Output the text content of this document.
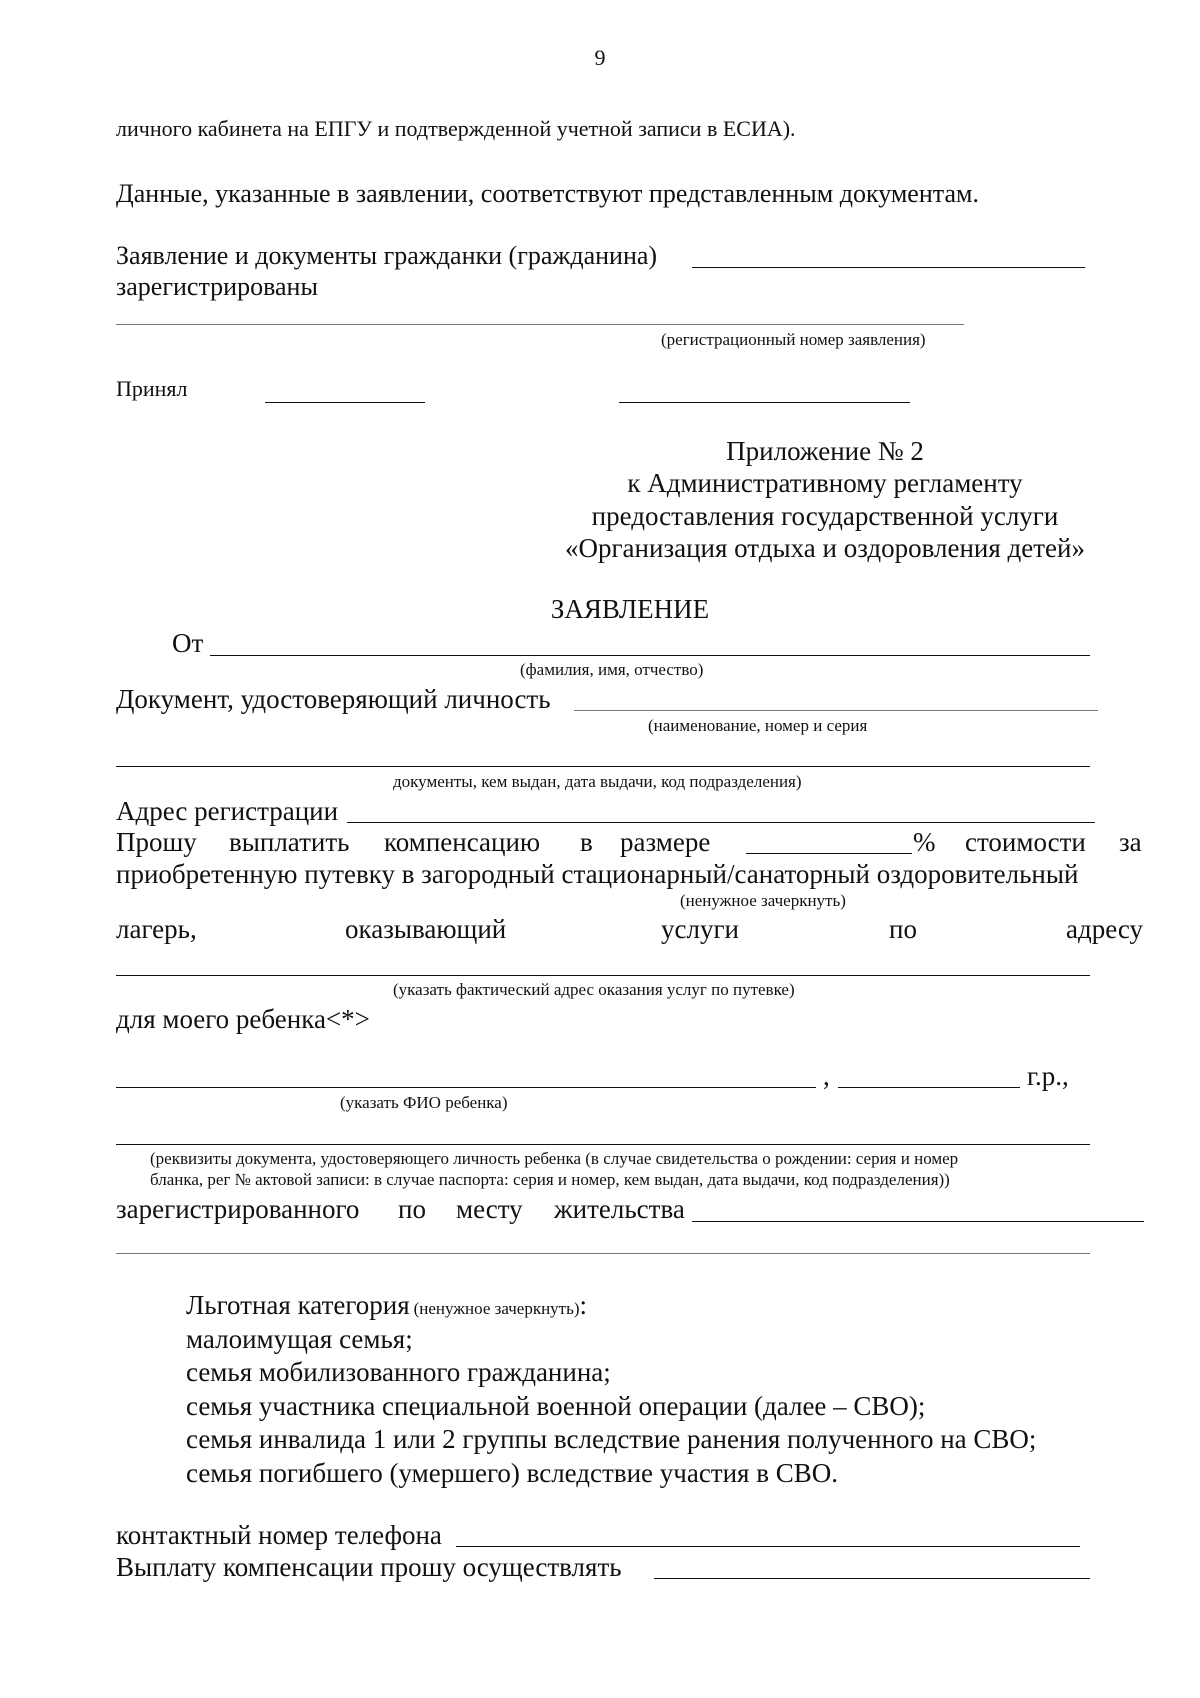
9
личного кабинета на ЕПГУ и подтвержденной учетной записи в ЕСИА).
Данные, указанные в заявлении, соответствуют представленным документам.
Заявление и документы гражданки (гражданина)
зарегистрированы
(регистрационный номер заявления)
Принял
Приложение № 2
к Административному регламенту
предоставления государственной услуги
«Организация отдыха и оздоровления детей»
ЗАЯВЛЕНИЕ
От
(фамилия, имя, отчество)
Документ, удостоверяющий личность
(наименование, номер и серия
документы, кем выдан, дата выдачи, код подразделения)
Адрес регистрации
Прошу выплатить компенсацию в размере	% стоимости за
приобретенную путевку в загородный стационарный/санаторный оздоровительный
(ненужное зачеркнуть)
лагерь,	оказывающий	услуги	по	адресу
(указать фактический адрес оказания услуг по путевке)
для моего ребенка<*>
,	г.р.,
(указать ФИО ребенка)
(реквизиты документа, удостоверяющего личность ребенка (в случае свидетельства о рождении: серия и номер
бланка, рег № актовой записи: в случае паспорта: серия и номер, кем выдан, дата выдачи, код подразделения))
зарегистрированного по месту жительства
Льготная категория (ненужное зачеркнуть):
малоимущая семья;
семья мобилизованного гражданина;
семья участника специальной военной операции (далее – СВО);
семья инвалида 1 или 2 группы вследствие ранения полученного на СВО;
семья погибшего (умершего) вследствие участия в СВО.
контактный номер телефона
Выплату компенсации прошу осуществлять
